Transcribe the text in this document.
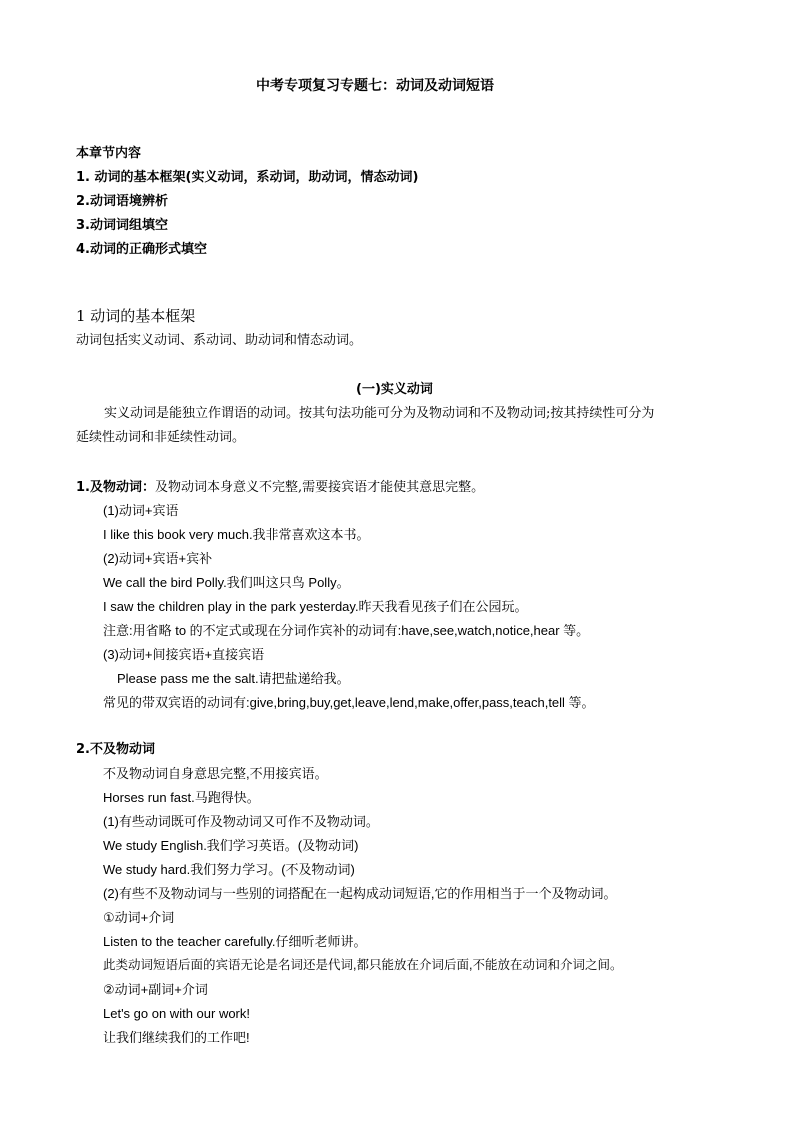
中考专项复习专题七：动词及动词短语
本章节内容
1. 动词的基本框架(实义动词，系动词，助动词，情态动词)
2.动词语境辨析
3.动词词组填空
4.动词的正确形式填空
1 动词的基本框架
动词包括实义动词、系动词、助动词和情态动词。
(一)实义动词
实义动词是能独立作谓语的动词。按其句法功能可分为及物动词和不及物动词;按其持续性可分为
延续性动词和非延续性动词。
1.及物动词：及物动词本身意义不完整,需要接宾语才能使其意思完整。
(1)动词+宾语
I like this book very much.我非常喜欢这本书。
(2)动词+宾语+宾补
We call the bird Polly.我们叫这只鸟 Polly。
I saw the children play in the park yesterday.昨天我看见孩子们在公园玩。
注意:用省略 to 的不定式或现在分词作宾补的动词有:have,see,watch,notice,hear 等。
(3)动词+间接宾语+直接宾语
Please pass me the salt.请把盐递给我。
常见的带双宾语的动词有:give,bring,buy,get,leave,lend,make,offer,pass,teach,tell 等。
2.不及物动词
不及物动词自身意思完整,不用接宾语。
Horses run fast.马跑得快。
(1)有些动词既可作及物动词又可作不及物动词。
We study English.我们学习英语。(及物动词)
We study hard.我们努力学习。(不及物动词)
(2)有些不及物动词与一些别的词搭配在一起构成动词短语,它的作用相当于一个及物动词。
①动词+介词
Listen to the teacher carefully.仔细听老师讲。
此类动词短语后面的宾语无论是名词还是代词,都只能放在介词后面,不能放在动词和介词之间。
②动词+副词+介词
Let's go on with our work!
让我们继续我们的工作吧!
